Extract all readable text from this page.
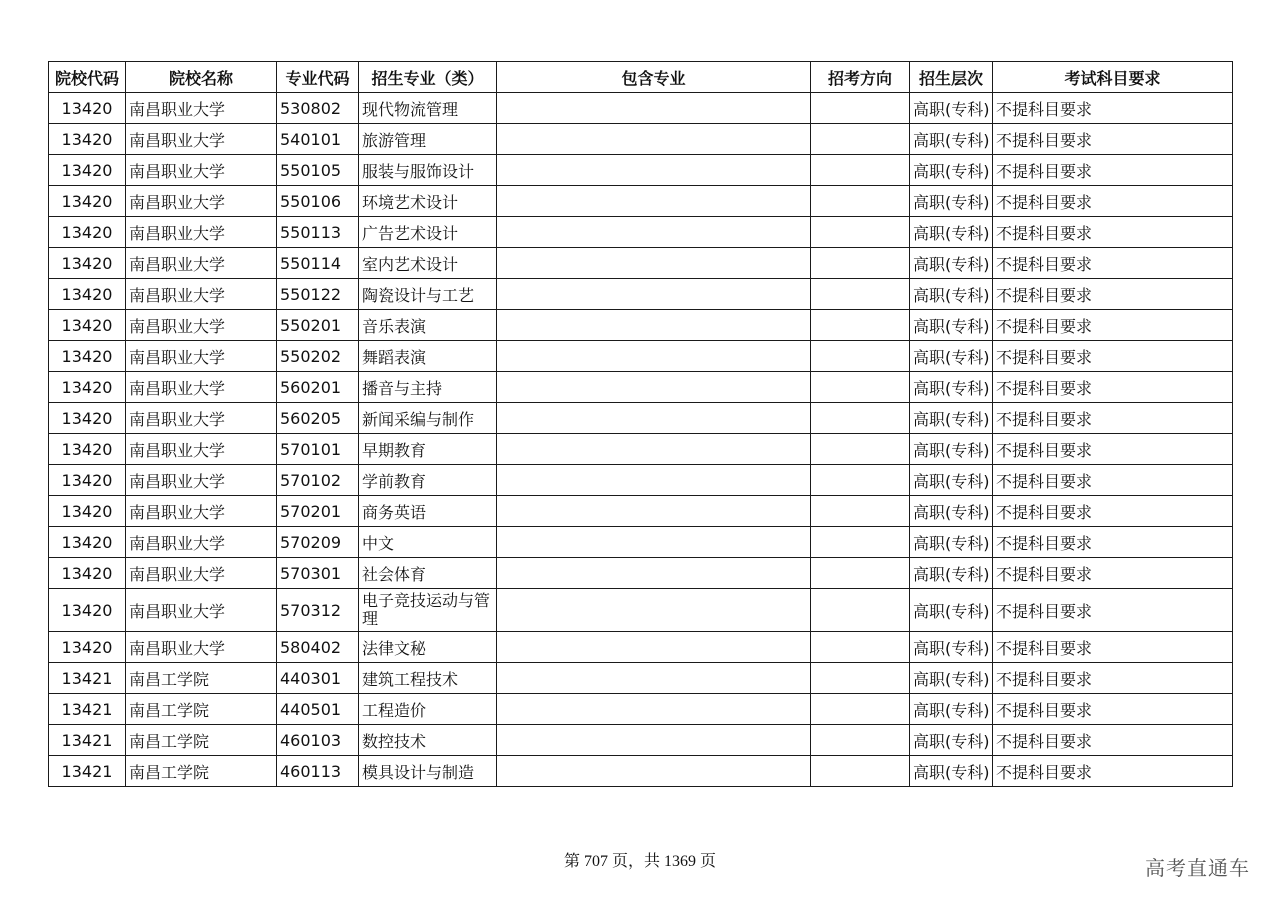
院校代码	院校名称	专业代码	招生专业（类）	包含专业	招考方向	招生层次	考试科目要求
13420	南昌职业大学	530802	现代物流管理			高职(专科)	不提科目要求
13420	南昌职业大学	540101	旅游管理			高职(专科)	不提科目要求
13420	南昌职业大学	550105	服装与服饰设计			高职(专科)	不提科目要求
13420	南昌职业大学	550106	环境艺术设计			高职(专科)	不提科目要求
13420	南昌职业大学	550113	广告艺术设计			高职(专科)	不提科目要求
13420	南昌职业大学	550114	室内艺术设计			高职(专科)	不提科目要求
13420	南昌职业大学	550122	陶瓷设计与工艺			高职(专科)	不提科目要求
13420	南昌职业大学	550201	音乐表演			高职(专科)	不提科目要求
13420	南昌职业大学	550202	舞蹈表演			高职(专科)	不提科目要求
13420	南昌职业大学	560201	播音与主持			高职(专科)	不提科目要求
13420	南昌职业大学	560205	新闻采编与制作			高职(专科)	不提科目要求
13420	南昌职业大学	570101	早期教育			高职(专科)	不提科目要求
13420	南昌职业大学	570102	学前教育			高职(专科)	不提科目要求
13420	南昌职业大学	570201	商务英语			高职(专科)	不提科目要求
13420	南昌职业大学	570209	中文			高职(专科)	不提科目要求
13420	南昌职业大学	570301	社会体育			高职(专科)	不提科目要求
13420	南昌职业大学	570312	电子竞技运动与管理			高职(专科)	不提科目要求
13420	南昌职业大学	580402	法律文秘			高职(专科)	不提科目要求
13421	南昌工学院	440301	建筑工程技术			高职(专科)	不提科目要求
13421	南昌工学院	440501	工程造价			高职(专科)	不提科目要求
13421	南昌工学院	460103	数控技术			高职(专科)	不提科目要求
13421	南昌工学院	460113	模具设计与制造			高职(专科)	不提科目要求
第 707 页，共 1369 页	高考直通车
